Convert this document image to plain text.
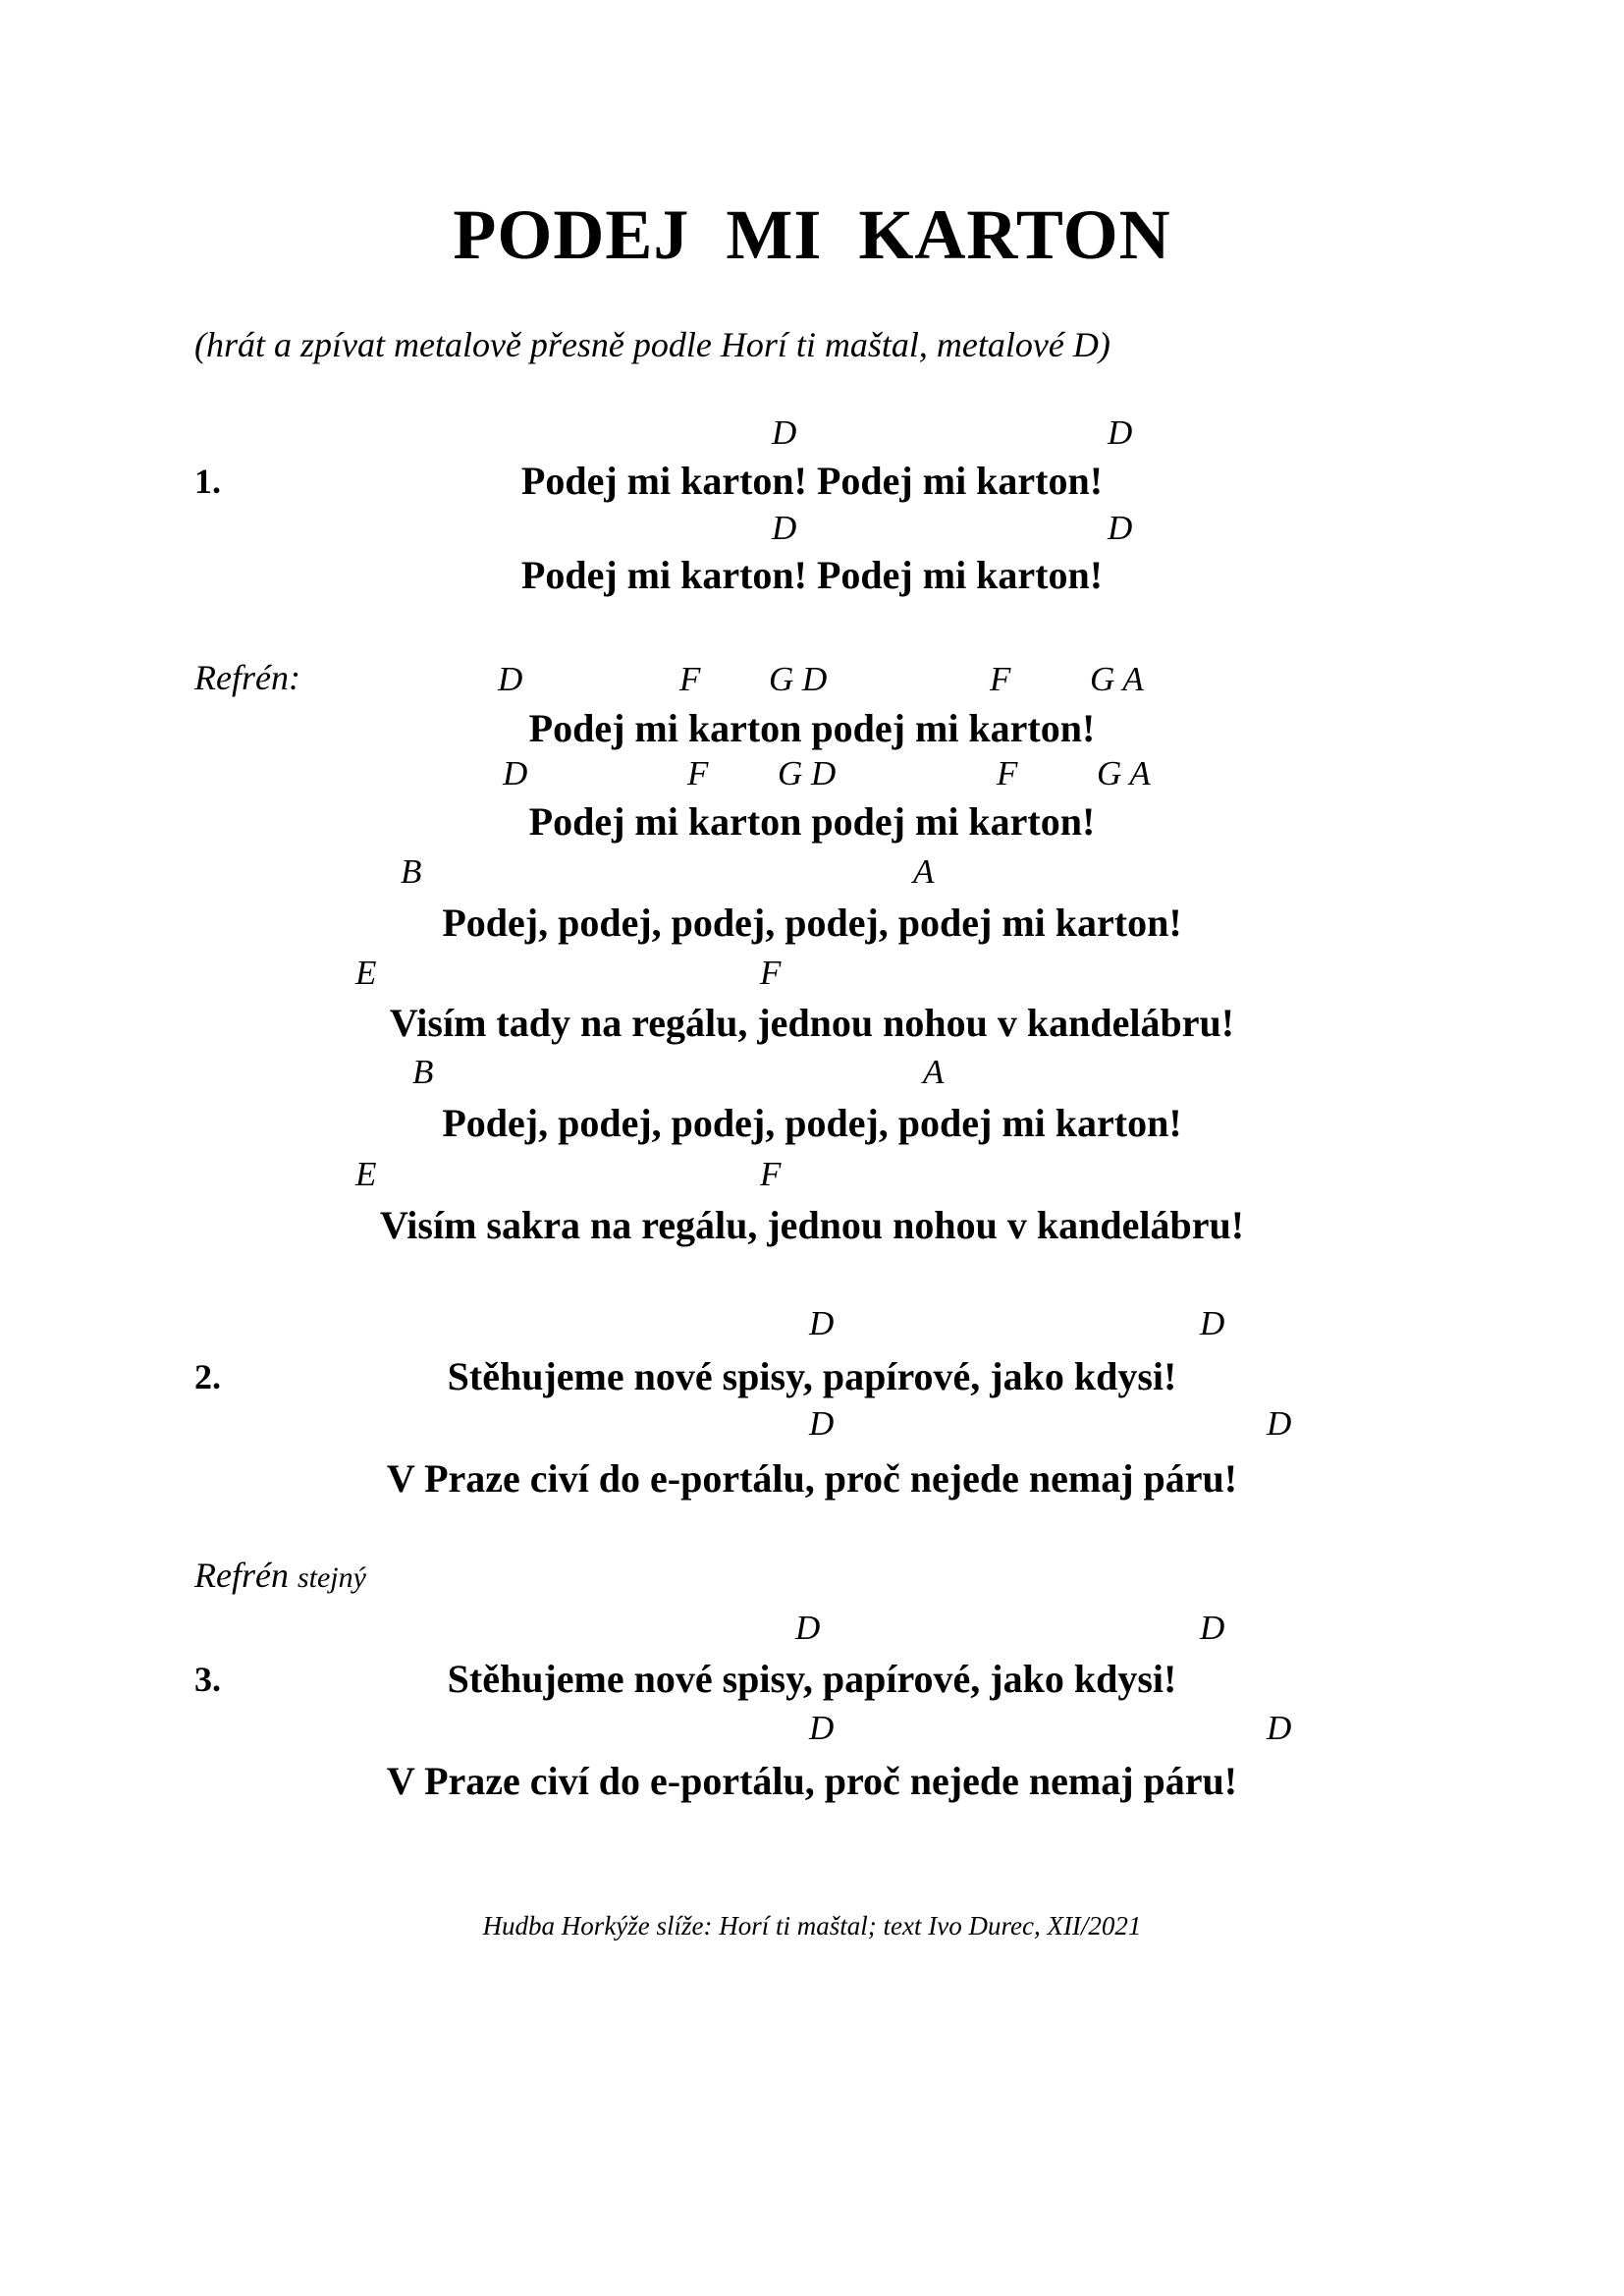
PODEJ MI KARTON
(hrát a zpívat metalově přesně podle Horí ti maštal, metalové D)
D	D
1.	Podej mi karton! Podej mi karton!
D	D
Podej mi karton! Podej mi karton!
Refrén:	D	F G D	F G A
Podej mi karton podej mi karton!
D	F G D	F G A
Podej mi karton podej mi karton!
B	A
Podej, podej, podej, podej, podej mi karton!
E	F
Visím tady na regálu, jednou nohou v kandelábru!
B	A
Podej, podej, podej, podej, podej mi karton!
E	F
Visím sakra na regálu, jednou nohou v kandelábru!
D	D
2.	Stěhujeme nové spisy, papírové, jako kdysi!
D	D
V Praze civí do e-portálu, proč nejede nemaj páru!
Refrén stejný
D	D
3.	Stěhujeme nové spisy, papírové, jako kdysi!
D	D
V Praze civí do e-portálu, proč nejede nemaj páru!
Hudba Horkýže slíže: Horí ti maštal; text Ivo Durec, XII/2021
